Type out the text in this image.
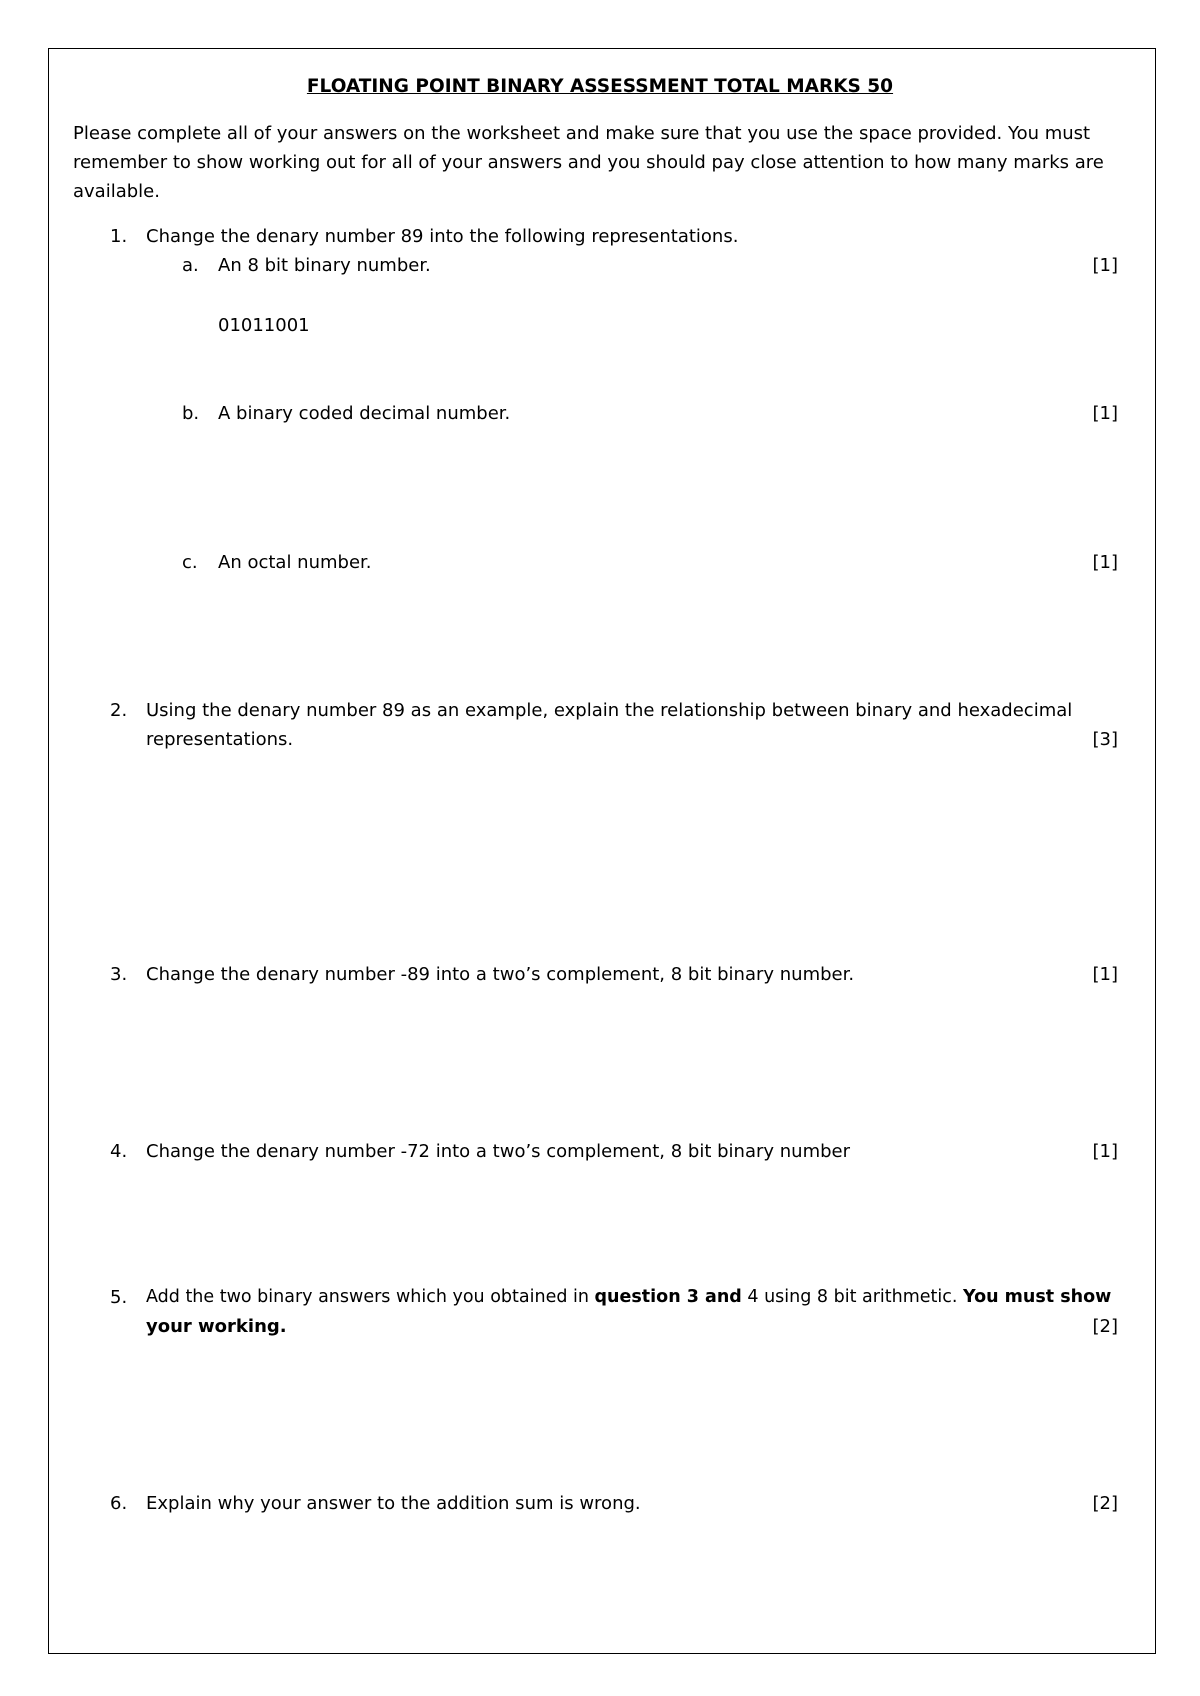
FLOATING POINT BINARY ASSESSMENT TOTAL MARKS 50
Please complete all of your answers on the worksheet and make sure that you use the space provided. You must
remember to show working out for all of your answers and you should pay close attention to how many marks are
available.
1. Change the denary number 89 into the following representations.
a. An 8 bit binary number.	[1]
01011001
b. A binary coded decimal number.	[1]
c. An octal number.	[1]
2. Using the denary number 89 as an example, explain the relationship between binary and hexadecimal
representations.	[3]
3. Change the denary number -89 into a two’s complement, 8 bit binary number.	[1]
4. Change the denary number -72 into a two’s complement, 8 bit binary number	[1]
5. Add the two binary answers which you obtained in question 3 and 4 using 8 bit arithmetic. You must show
your working.	[2]
6. Explain why your answer to the addition sum is wrong.	[2]
